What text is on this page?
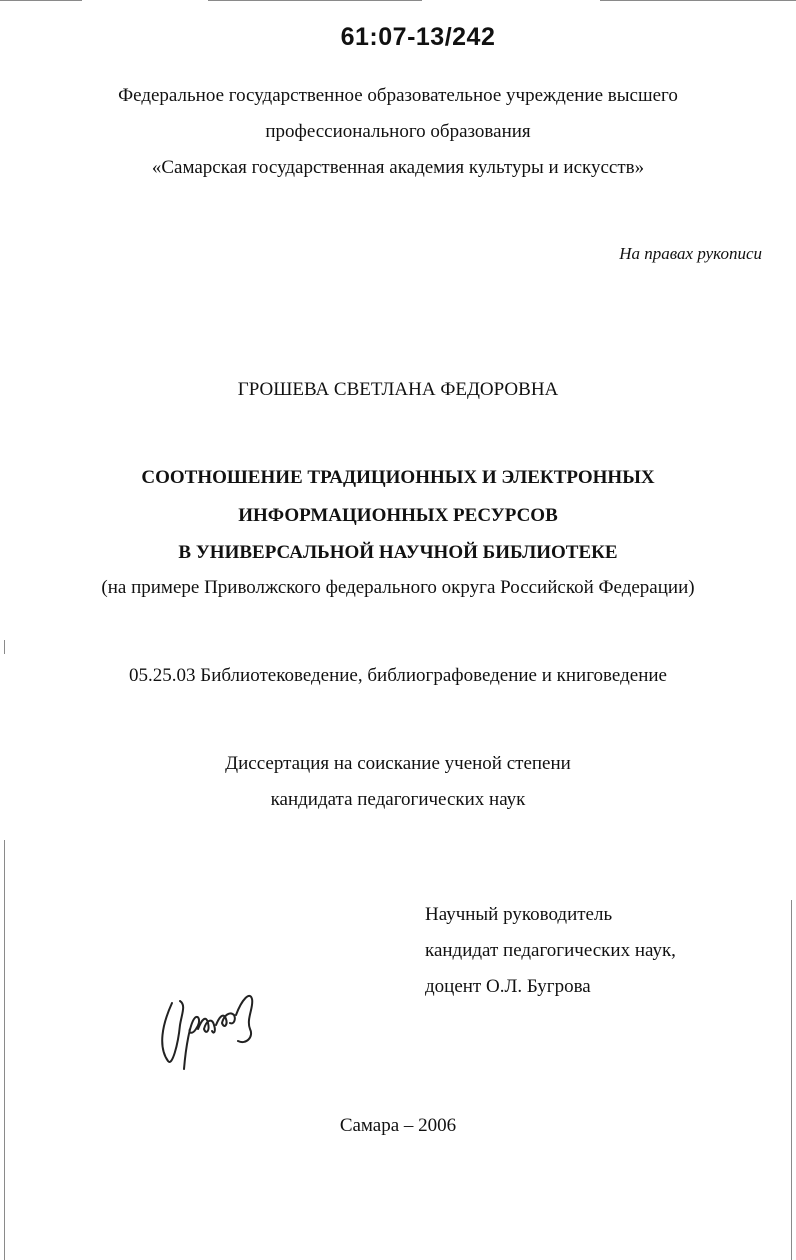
61:07-13/242
Федеральное государственное образовательное учреждение высшего
профессионального образования
«Самарская государственная академия культуры и искусств»
На правах рукописи
ГРОШЕВА СВЕТЛАНА ФЕДОРОВНА
СООТНОШЕНИЕ ТРАДИЦИОННЫХ И ЭЛЕКТРОННЫХ
ИНФОРМАЦИОННЫХ РЕСУРСОВ
В УНИВЕРСАЛЬНОЙ НАУЧНОЙ БИБЛИОТЕКЕ
(на примере Приволжского федерального округа Российской Федерации)
05.25.03 Библиотековедение, библиографоведение и книговедение
Диссертация на соискание ученой степени
кандидата педагогических наук
Научный руководитель
кандидат педагогических наук,
доцент О.Л. Бугрова
Самара – 2006
